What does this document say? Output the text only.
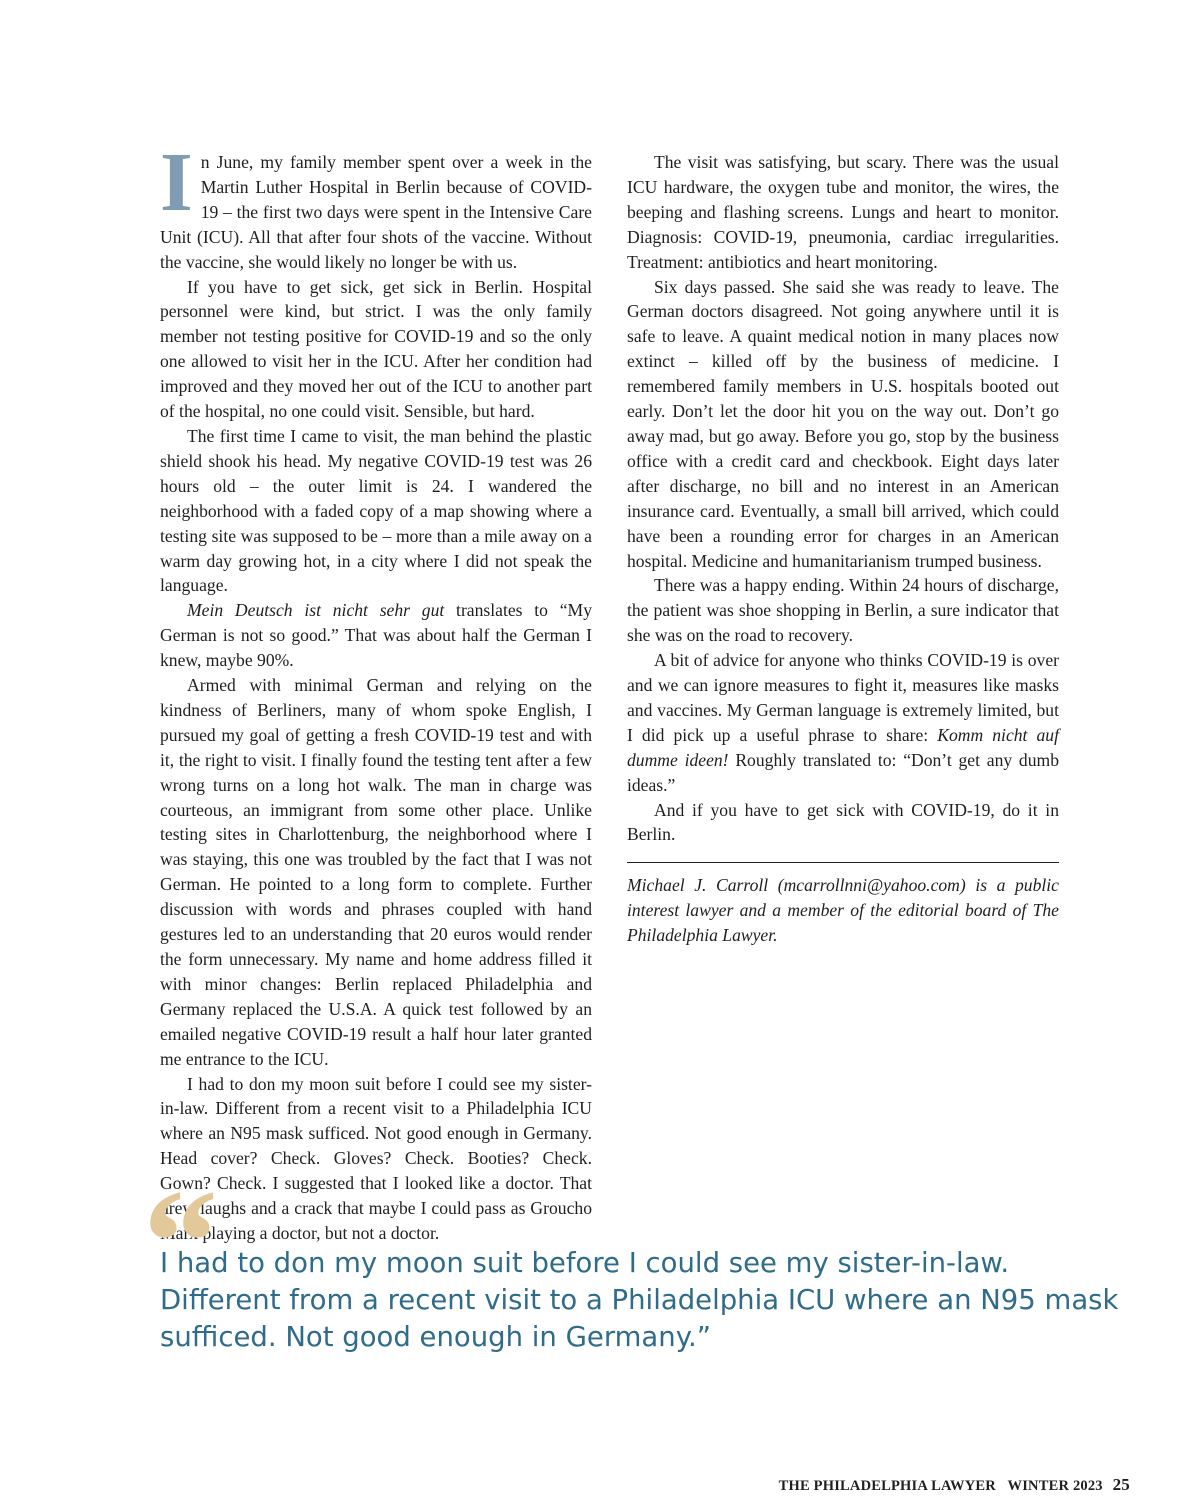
In June, my family member spent over a week in the Martin Luther Hospital in Berlin because of COVID-19 – the first two days were spent in the Intensive Care Unit (ICU). All that after four shots of the vaccine. Without the vaccine, she would likely no longer be with us.

If you have to get sick, get sick in Berlin. Hospital personnel were kind, but strict. I was the only family member not testing positive for COVID-19 and so the only one allowed to visit her in the ICU. After her condition had improved and they moved her out of the ICU to another part of the hospital, no one could visit. Sensible, but hard.

The first time I came to visit, the man behind the plastic shield shook his head. My negative COVID-19 test was 26 hours old – the outer limit is 24. I wandered the neighborhood with a faded copy of a map showing where a testing site was supposed to be – more than a mile away on a warm day growing hot, in a city where I did not speak the language.

Mein Deutsch ist nicht sehr gut translates to “My German is not so good.” That was about half the German I knew, maybe 90%.

Armed with minimal German and relying on the kindness of Berliners, many of whom spoke English, I pursued my goal of getting a fresh COVID-19 test and with it, the right to visit. I finally found the testing tent after a few wrong turns on a long hot walk. The man in charge was courteous, an immigrant from some other place. Unlike testing sites in Charlottenburg, the neighborhood where I was staying, this one was troubled by the fact that I was not German. He pointed to a long form to complete. Further discussion with words and phrases coupled with hand gestures led to an understanding that 20 euros would render the form unnecessary. My name and home address filled it with minor changes: Berlin replaced Philadelphia and Germany replaced the U.S.A. A quick test followed by an emailed negative COVID-19 result a half hour later granted me entrance to the ICU.

I had to don my moon suit before I could see my sister-in-law. Different from a recent visit to a Philadelphia ICU where an N95 mask sufficed. Not good enough in Germany. Head cover? Check. Gloves? Check. Booties? Check. Gown? Check. I suggested that I looked like a doctor. That drew laughs and a crack that maybe I could pass as Groucho Marx playing a doctor, but not a doctor.

The visit was satisfying, but scary. There was the usual ICU hardware, the oxygen tube and monitor, the wires, the beeping and flashing screens. Lungs and heart to monitor. Diagnosis: COVID-19, pneumonia, cardiac irregularities. Treatment: antibiotics and heart monitoring.

Six days passed. She said she was ready to leave. The German doctors disagreed. Not going anywhere until it is safe to leave. A quaint medical notion in many places now extinct – killed off by the business of medicine. I remembered family members in U.S. hospitals booted out early. Don’t let the door hit you on the way out. Don’t go away mad, but go away. Before you go, stop by the business office with a credit card and checkbook. Eight days later after discharge, no bill and no interest in an American insurance card. Eventually, a small bill arrived, which could have been a rounding error for charges in an American hospital. Medicine and humanitarianism trumped business.

There was a happy ending. Within 24 hours of discharge, the patient was shoe shopping in Berlin, a sure indicator that she was on the road to recovery.

A bit of advice for anyone who thinks COVID-19 is over and we can ignore measures to fight it, measures like masks and vaccines. My German language is extremely limited, but I did pick up a useful phrase to share: Komm nicht auf dumme ideen! Roughly translated to: “Don’t get any dumb ideas.”

And if you have to get sick with COVID-19, do it in Berlin.

Michael J. Carroll (mcarrollnni@yahoo.com) is a public interest lawyer and a member of the editorial board of The Philadelphia Lawyer.

“
I had to don my moon suit before I could see my sister-in-law. Different from a recent visit to a Philadelphia ICU where an N95 mask sufficed. Not good enough in Germany.”
THE PHILADELPHIA LAWYER WINTER 2023 25
